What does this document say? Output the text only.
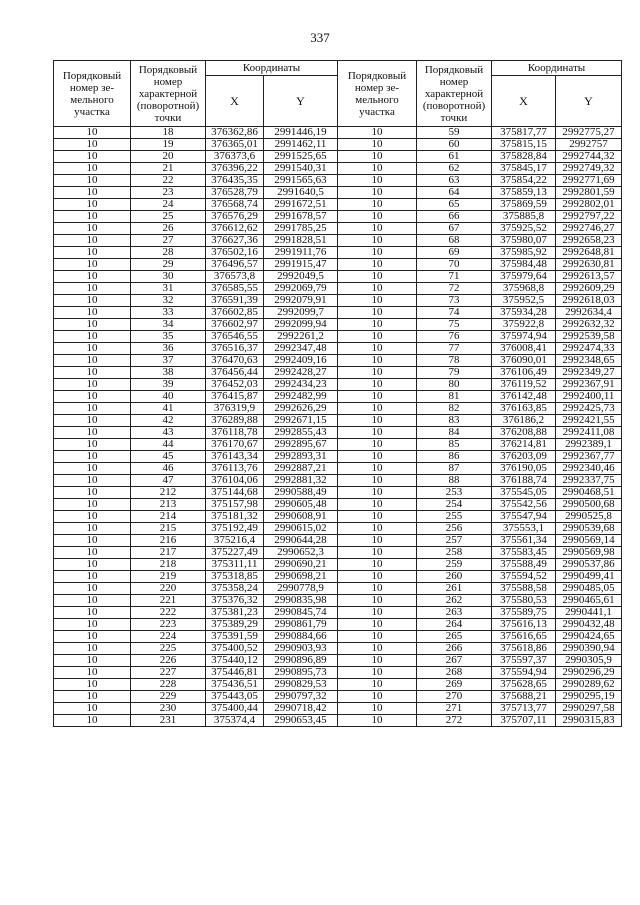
337
Порядковый
номер зе-
мельного
участка	Порядковый
номер
характерной
(поворотной)
точки	Координаты		Порядковый
номер зе-
мельного
участка	Порядковый
номер
характерной
(поворотной)
точки	Координаты	
		X	Y			X	Y
10	18	376362,86	2991446,19	10	59	375817,77	2992775,27
10	19	376365,01	2991462,11	10	60	375815,15	2992757
10	20	376373,6	2991525,65	10	61	375828,84	2992744,32
10	21	376396,22	2991540,31	10	62	375845,17	2992749,32
10	22	376435,35	2991565,63	10	63	375854,22	2992771,69
10	23	376528,79	2991640,5	10	64	375859,13	2992801,59
10	24	376568,74	2991672,51	10	65	375869,59	2992802,01
10	25	376576,29	2991678,57	10	66	375885,8	2992797,22
10	26	376612,62	2991785,25	10	67	375925,52	2992746,27
10	27	376627,36	2991828,51	10	68	375980,07	2992658,23
10	28	376502,16	2991911,76	10	69	375985,92	2992648,81
10	29	376496,57	2991915,47	10	70	375984,48	2992630,81
10	30	376573,8	2992049,5	10	71	375979,64	2992613,57
10	31	376585,55	2992069,79	10	72	375968,8	2992609,29
10	32	376591,39	2992079,91	10	73	375952,5	2992618,03
10	33	376602,85	2992099,7	10	74	375934,28	2992634,4
10	34	376602,97	2992099,94	10	75	375922,8	2992632,32
10	35	376546,55	2992261,2	10	76	375974,94	2992539,58
10	36	376516,37	2992347,48	10	77	376008,41	2992474,33
10	37	376470,63	2992409,16	10	78	376090,01	2992348,65
10	38	376456,44	2992428,27	10	79	376106,49	2992349,27
10	39	376452,03	2992434,23	10	80	376119,52	2992367,91
10	40	376415,87	2992482,99	10	81	376142,48	2992400,11
10	41	376319,9	2992626,29	10	82	376163,85	2992425,73
10	42	376289,88	2992671,15	10	83	376186,2	2992421,55
10	43	376118,78	2992855,43	10	84	376208,88	2992411,08
10	44	376170,67	2992895,67	10	85	376214,81	2992389,1
10	45	376143,34	2992893,31	10	86	376203,09	2992367,77
10	46	376113,76	2992887,21	10	87	376190,05	2992340,46
10	47	376104,06	2992881,32	10	88	376188,74	2992337,75
10	212	375144,68	2990588,49	10	253	375545,05	2990468,51
10	213	375157,98	2990605,48	10	254	375542,56	2990500,68
10	214	375181,32	2990608,91	10	255	375547,94	2990525,8
10	215	375192,49	2990615,02	10	256	375553,1	2990539,68
10	216	375216,4	2990644,28	10	257	375561,34	2990569,14
10	217	375227,49	2990652,3	10	258	375583,45	2990569,98
10	218	375311,11	2990690,21	10	259	375588,49	2990537,86
10	219	375318,85	2990698,21	10	260	375594,52	2990499,41
10	220	375358,24	2990778,9	10	261	375588,58	2990485,05
10	221	375376,32	2990835,98	10	262	375580,53	2990465,61
10	222	375381,23	2990845,74	10	263	375589,75	2990441,1
10	223	375389,29	2990861,79	10	264	375616,13	2990432,48
10	224	375391,59	2990884,66	10	265	375616,65	2990424,65
10	225	375400,52	2990903,93	10	266	375618,86	2990390,94
10	226	375440,12	2990896,89	10	267	375597,37	2990305,9
10	227	375446,81	2990895,73	10	268	375594,94	2990296,29
10	228	375436,51	2990829,53	10	269	375628,65	2990289,62
10	229	375443,05	2990797,32	10	270	375688,21	2990295,19
10	230	375400,44	2990718,42	10	271	375713,77	2990297,58
10	231	375374,4	2990653,45	10	272	375707,11	2990315,83
